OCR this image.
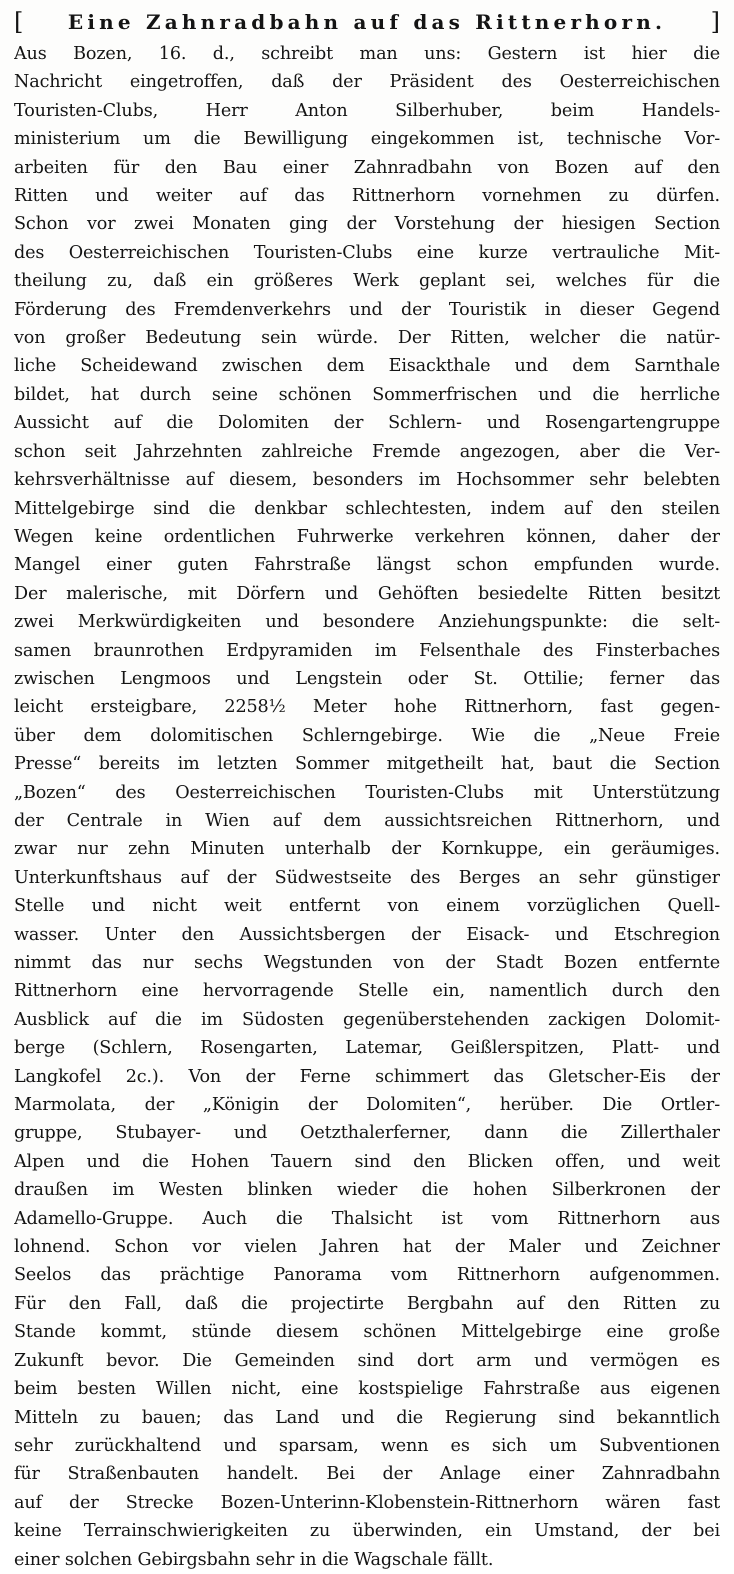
[	Eine Zahnradbahn auf das Rittnerhorn.	]
Aus Bozen, 16. d., schreibt man uns: Gestern ist hier die
Nachricht eingetroffen, daß der Präsident des Oesterreichischen
Touristen-Clubs, Herr Anton Silberhuber, beim Handels-
ministerium um die Bewilligung eingekommen ist, technische Vor-
arbeiten für den Bau einer Zahnradbahn von Bozen auf den
Ritten und weiter auf das Rittnerhorn vornehmen zu dürfen.
Schon vor zwei Monaten ging der Vorstehung der hiesigen Section
des Oesterreichischen Touristen-Clubs eine kurze vertrauliche Mit-
theilung zu, daß ein größeres Werk geplant sei, welches für die
Förderung des Fremdenverkehrs und der Touristik in dieser Gegend
von großer Bedeutung sein würde. Der Ritten, welcher die natür-
liche Scheidewand zwischen dem Eisackthale und dem Sarnthale
bildet, hat durch seine schönen Sommerfrischen und die herrliche
Aussicht auf die Dolomiten der Schlern- und Rosengartengruppe
schon seit Jahrzehnten zahlreiche Fremde angezogen, aber die Ver-
kehrsverhältnisse auf diesem, besonders im Hochsommer sehr belebten
Mittelgebirge sind die denkbar schlechtesten, indem auf den steilen
Wegen keine ordentlichen Fuhrwerke verkehren können, daher der
Mangel einer guten Fahrstraße längst schon empfunden wurde.
Der malerische, mit Dörfern und Gehöften besiedelte Ritten besitzt
zwei Merkwürdigkeiten und besondere Anziehungspunkte: die selt-
samen braunrothen Erdpyramiden im Felsenthale des Finsterbaches
zwischen Lengmoos und Lengstein oder St. Ottilie; ferner das
leicht ersteigbare, 2258½ Meter hohe Rittnerhorn, fast gegen-
über dem dolomitischen Schlerngebirge. Wie die „Neue Freie
Presse“ bereits im letzten Sommer mitgetheilt hat, baut die Section
„Bozen“ des Oesterreichischen Touristen-Clubs mit Unterstützung
der Centrale in Wien auf dem aussichtsreichen Rittnerhorn, und
zwar nur zehn Minuten unterhalb der Kornkuppe, ein geräumiges.
Unterkunftshaus auf der Südwestseite des Berges an sehr günstiger
Stelle und nicht weit entfernt von einem vorzüglichen Quell-
wasser. Unter den Aussichtsbergen der Eisack- und Etschregion
nimmt das nur sechs Wegstunden von der Stadt Bozen entfernte
Rittnerhorn eine hervorragende Stelle ein, namentlich durch den
Ausblick auf die im Südosten gegenüberstehenden zackigen Dolomit-
berge (Schlern, Rosengarten, Latemar, Geißlerspitzen, Platt- und
Langkofel 2c.). Von der Ferne schimmert das Gletscher-Eis der
Marmolata, der „Königin der Dolomiten“, herüber. Die Ortler-
gruppe, Stubayer- und Oetzthalerferner, dann die Zillerthaler
Alpen und die Hohen Tauern sind den Blicken offen, und weit
draußen im Westen blinken wieder die hohen Silberkronen der
Adamello-Gruppe. Auch die Thalsicht ist vom Rittnerhorn aus
lohnend. Schon vor vielen Jahren hat der Maler und Zeichner
Seelos das prächtige Panorama vom Rittnerhorn aufgenommen.
Für den Fall, daß die projectirte Bergbahn auf den Ritten zu
Stande kommt, stünde diesem schönen Mittelgebirge eine große
Zukunft bevor. Die Gemeinden sind dort arm und vermögen es
beim besten Willen nicht, eine kostspielige Fahrstraße aus eigenen
Mitteln zu bauen; das Land und die Regierung sind bekanntlich
sehr zurückhaltend und sparsam, wenn es sich um Subventionen
für Straßenbauten handelt. Bei der Anlage einer Zahnradbahn
auf der Strecke Bozen-Unterinn-Klobenstein-Rittnerhorn wären fast
keine Terrainschwierigkeiten zu überwinden, ein Umstand, der bei
einer solchen Gebirgsbahn sehr in die Wagschale fällt.
